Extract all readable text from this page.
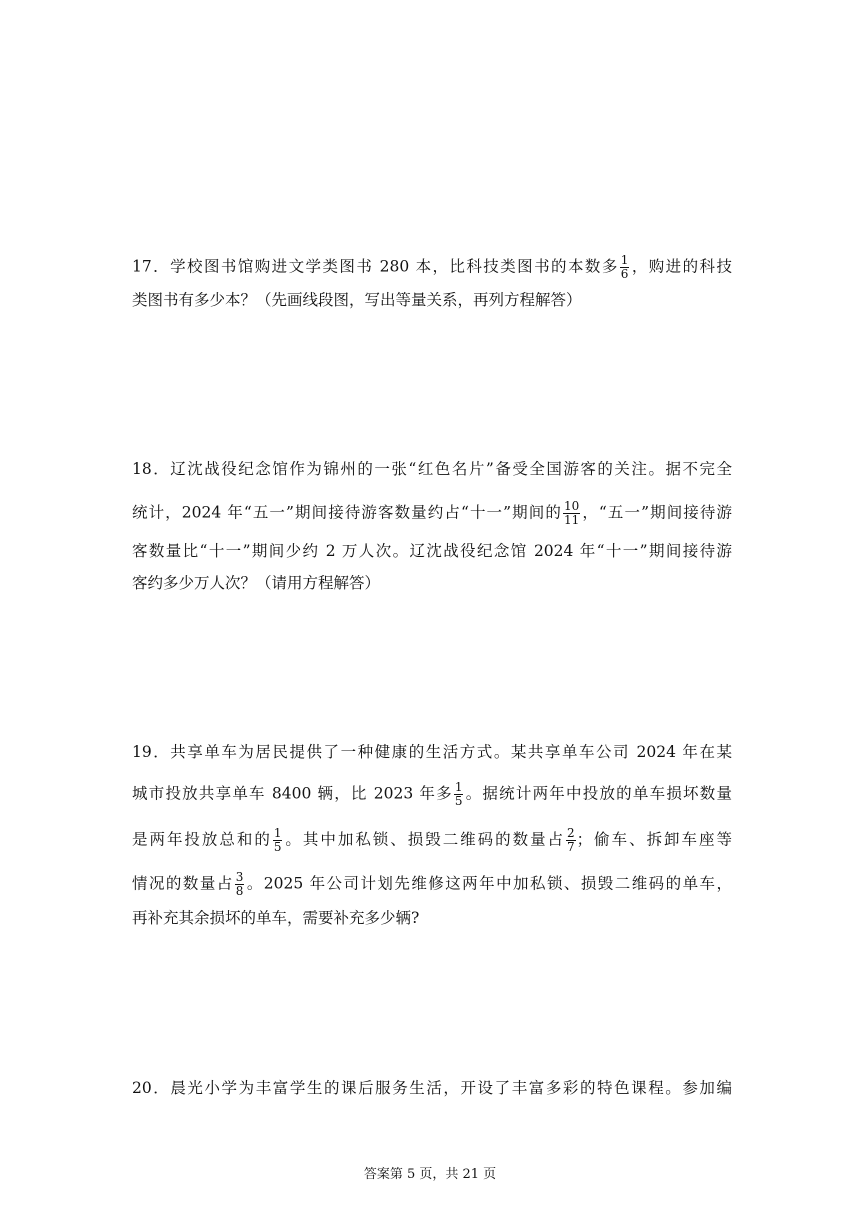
17．学校图书馆购进文学类图书 280 本，比科技类图书的本数多 $\frac{1}{6}$ ，购进的科技
类图书有多少本？（先画线段图，写出等量关系，再列方程解答）
18．辽沈战役纪念馆作为锦州的一张“红色名片”备受全国游客的关注。据不完全
统计，2024 年“五一”期间接待游客数量约占“十一”期间的 $\frac{10}{11}$ ，“五一”期间接待游
客数量比“十一”期间少约 2 万人次。辽沈战役纪念馆 2024 年“十一”期间接待游
客约多少万人次？（请用方程解答）
19．共享单车为居民提供了一种健康的生活方式。某共享单车公司 2024 年在某
城市投放共享单车 8400 辆，比 2023 年多 $\frac{1}{5}$ 。据统计两年中投放的单车损坏数量
是两年投放总和的 $\frac{1}{5}$ 。其中加私锁、损毁二维码的数量占 $\frac{2}{7}$ ；偷车、拆卸车座等
情况的数量占 $\frac{3}{8}$ 。2025 年公司计划先维修这两年中加私锁、损毁二维码的单车，
再补充其余损坏的单车，需要补充多少辆?
20．晨光小学为丰富学生的课后服务生活，开设了丰富多彩的特色课程。参加编
答案第 5 页，共 21 页
